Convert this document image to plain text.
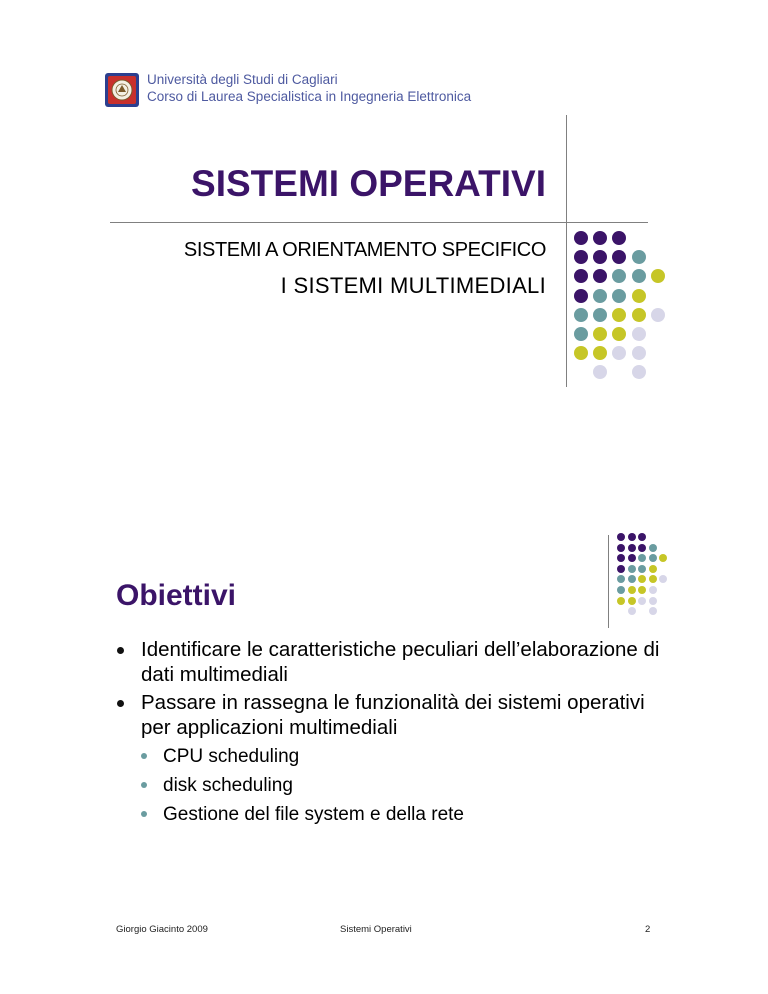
Università degli Studi di Cagliari
Corso di Laurea Specialistica in Ingegneria Elettronica
SISTEMI OPERATIVI
SISTEMI A ORIENTAMENTO SPECIFICO
I SISTEMI MULTIMEDIALI
Obiettivi
Identificare le caratteristiche peculiari dell’elaborazione di dati multimediali
Passare in rassegna le funzionalità dei sistemi operativi per applicazioni multimediali
CPU scheduling
disk scheduling
Gestione del file system e della rete
Giorgio Giacinto 2009	Sistemi Operativi	2
